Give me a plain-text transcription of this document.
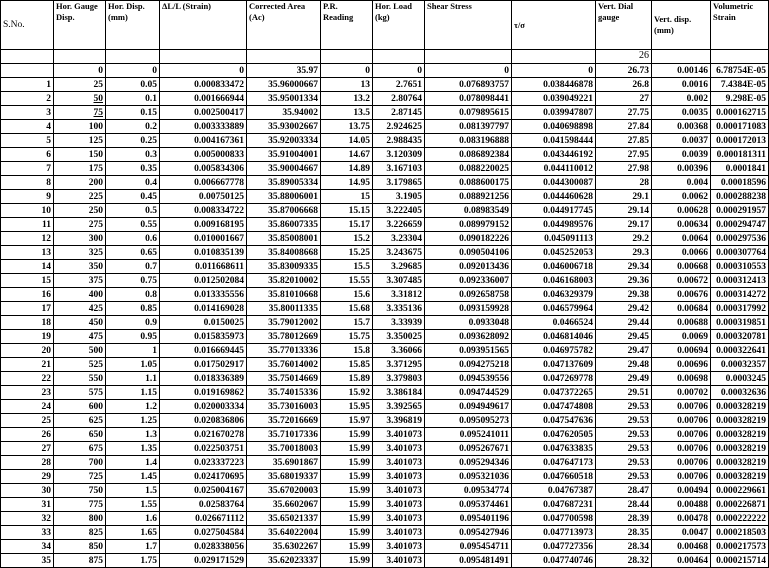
S.No.	Hor. Gauge Disp.	Hor. Disp. (mm)	ΔL/L (Strain)	Corrected Area (Ac)	P.R. Reading	Hor. Load (kg)	Shear Stress	τ/σ	Vert. Dial gauge	Vert. disp. (mm)	Volumetric Strain
									26		
	0	0	0	35.97	0	0	0	0	26.73	0.00146	6.78754E-05
1	25	0.05	0.000833472	35.96000667	13	2.7651	0.076893757	0.038446878	26.8	0.0016	7.4384E-05
2	50	0.1	0.001666944	35.95001334	13.2	2.80764	0.078098441	0.039049221	27	0.002	9.298E-05
3	75	0.15	0.002500417	35.94002	13.5	2.87145	0.079895615	0.039947807	27.75	0.0035	0.000162715
4	100	0.2	0.003333889	35.93002667	13.75	2.924625	0.081397797	0.040698898	27.84	0.00368	0.000171083
5	125	0.25	0.004167361	35.92003334	14.05	2.988435	0.083196888	0.041598444	27.85	0.0037	0.000172013
6	150	0.3	0.005000833	35.91004001	14.67	3.120309	0.086892384	0.043446192	27.95	0.0039	0.000181311
7	175	0.35	0.005834306	35.90004667	14.89	3.167103	0.088220025	0.044110012	27.98	0.00396	0.0001841
8	200	0.4	0.006667778	35.89005334	14.95	3.179865	0.088600175	0.044300087	28	0.004	0.00018596
9	225	0.45	0.00750125	35.88006001	15	3.1905	0.088921256	0.044460628	29.1	0.0062	0.000288238
10	250	0.5	0.008334722	35.87006668	15.15	3.222405	0.08983549	0.044917745	29.14	0.00628	0.000291957
11	275	0.55	0.009168195	35.86007335	15.17	3.226659	0.089979152	0.044989576	29.17	0.00634	0.000294747
12	300	0.6	0.010001667	35.85008001	15.2	3.23304	0.090182226	0.045091113	29.2	0.0064	0.000297536
13	325	0.65	0.010835139	35.84008668	15.25	3.243675	0.090504106	0.045252053	29.3	0.0066	0.000307764
14	350	0.7	0.011668611	35.83009335	15.5	3.29685	0.092013436	0.046006718	29.34	0.00668	0.000310553
15	375	0.75	0.012502084	35.82010002	15.55	3.307485	0.092336007	0.046168003	29.36	0.00672	0.000312413
16	400	0.8	0.013335556	35.81010668	15.6	3.31812	0.092658758	0.046329379	29.38	0.00676	0.000314272
17	425	0.85	0.014169028	35.80011335	15.68	3.335136	0.093159928	0.046579964	29.42	0.00684	0.000317992
18	450	0.9	0.0150025	35.79012002	15.7	3.33939	0.0933048	0.0466524	29.44	0.00688	0.000319851
19	475	0.95	0.015835973	35.78012669	15.75	3.350025	0.093628092	0.046814046	29.45	0.0069	0.000320781
20	500	1	0.016669445	35.77013336	15.8	3.36066	0.093951565	0.046975782	29.47	0.00694	0.000322641
21	525	1.05	0.017502917	35.76014002	15.85	3.371295	0.094275218	0.047137609	29.48	0.00696	0.00032357
22	550	1.1	0.018336389	35.75014669	15.89	3.379803	0.094539556	0.047269778	29.49	0.00698	0.0003245
23	575	1.15	0.019169862	35.74015336	15.92	3.386184	0.094744529	0.047372265	29.51	0.00702	0.00032636
24	600	1.2	0.020003334	35.73016003	15.95	3.392565	0.094949617	0.047474808	29.53	0.00706	0.000328219
25	625	1.25	0.020836806	35.72016669	15.97	3.396819	0.095095273	0.047547636	29.53	0.00706	0.000328219
26	650	1.3	0.021670278	35.71017336	15.99	3.401073	0.095241011	0.047620505	29.53	0.00706	0.000328219
27	675	1.35	0.022503751	35.70018003	15.99	3.401073	0.095267671	0.047633835	29.53	0.00706	0.000328219
28	700	1.4	0.023337223	35.6901867	15.99	3.401073	0.095294346	0.047647173	29.53	0.00706	0.000328219
29	725	1.45	0.024170695	35.68019337	15.99	3.401073	0.095321036	0.047660518	29.53	0.00706	0.000328219
30	750	1.5	0.025004167	35.67020003	15.99	3.401073	0.09534774	0.04767387	28.47	0.00494	0.000229661
31	775	1.55	0.02583764	35.6602067	15.99	3.401073	0.095374461	0.047687231	28.44	0.00488	0.000226871
32	800	1.6	0.026671112	35.65021337	15.99	3.401073	0.095401196	0.047700598	28.39	0.00478	0.000222222
33	825	1.65	0.027504584	35.64022004	15.99	3.401073	0.095427946	0.047713973	28.35	0.0047	0.000218503
34	850	1.7	0.028338056	35.6302267	15.99	3.401073	0.095454711	0.047727356	28.34	0.00468	0.000217573
35	875	1.75	0.029171529	35.62023337	15.99	3.401073	0.095481491	0.047740746	28.32	0.00464	0.000215714
